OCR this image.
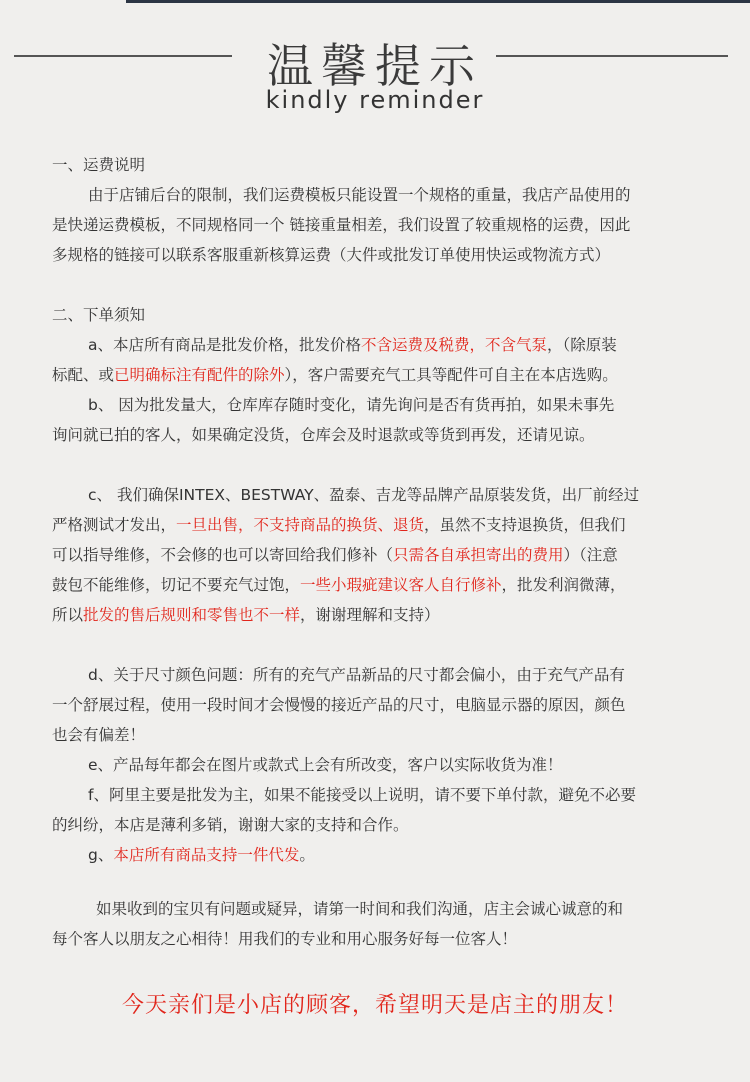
温馨提示
kindly reminder

一、运费说明

由于店铺后台的限制，我们运费模板只能设置一个规格的重量，我店产品使用的

是快递运费模板，不同规格同一个 链接重量相差，我们设置了较重规格的运费，因此

多规格的链接可以联系客服重新核算运费（大件或批发订单使用快运或物流方式）

二、下单须知

a、本店所有商品是批发价格，批发价格不含运费及税费，不含气泵，（除原装

标配、或已明确标注有配件的除外），客户需要充气工具等配件可自主在本店选购。

b、 因为批发量大，仓库库存随时变化，请先询问是否有货再拍，如果未事先

询问就已拍的客人，如果确定没货，仓库会及时退款或等货到再发，还请见谅。

c、 我们确保INTEX、BESTWAY、盈泰、吉龙等品牌产品原装发货，出厂前经过

严格测试才发出，一旦出售，不支持商品的换货、退货，虽然不支持退换货，但我们

可以指导维修，不会修的也可以寄回给我们修补（只需各自承担寄出的费用）（注意

鼓包不能维修，切记不要充气过饱，一些小瑕疵建议客人自行修补，批发利润微薄，

所以批发的售后规则和零售也不一样，谢谢理解和支持）

d、关于尺寸颜色问题：所有的充气产品新品的尺寸都会偏小，由于充气产品有

一个舒展过程，使用一段时间才会慢慢的接近产品的尺寸，电脑显示器的原因，颜色

也会有偏差！

e、产品每年都会在图片或款式上会有所改变，客户以实际收货为准！

f、阿里主要是批发为主，如果不能接受以上说明，请不要下单付款，避免不必要

的纠纷，本店是薄利多销，谢谢大家的支持和合作。

g、本店所有商品支持一件代发。

如果收到的宝贝有问题或疑异，请第一时间和我们沟通，店主会诚心诚意的和

每个客人以朋友之心相待！用我们的专业和用心服务好每一位客人！

今天亲们是小店的顾客，希望明天是店主的朋友！
